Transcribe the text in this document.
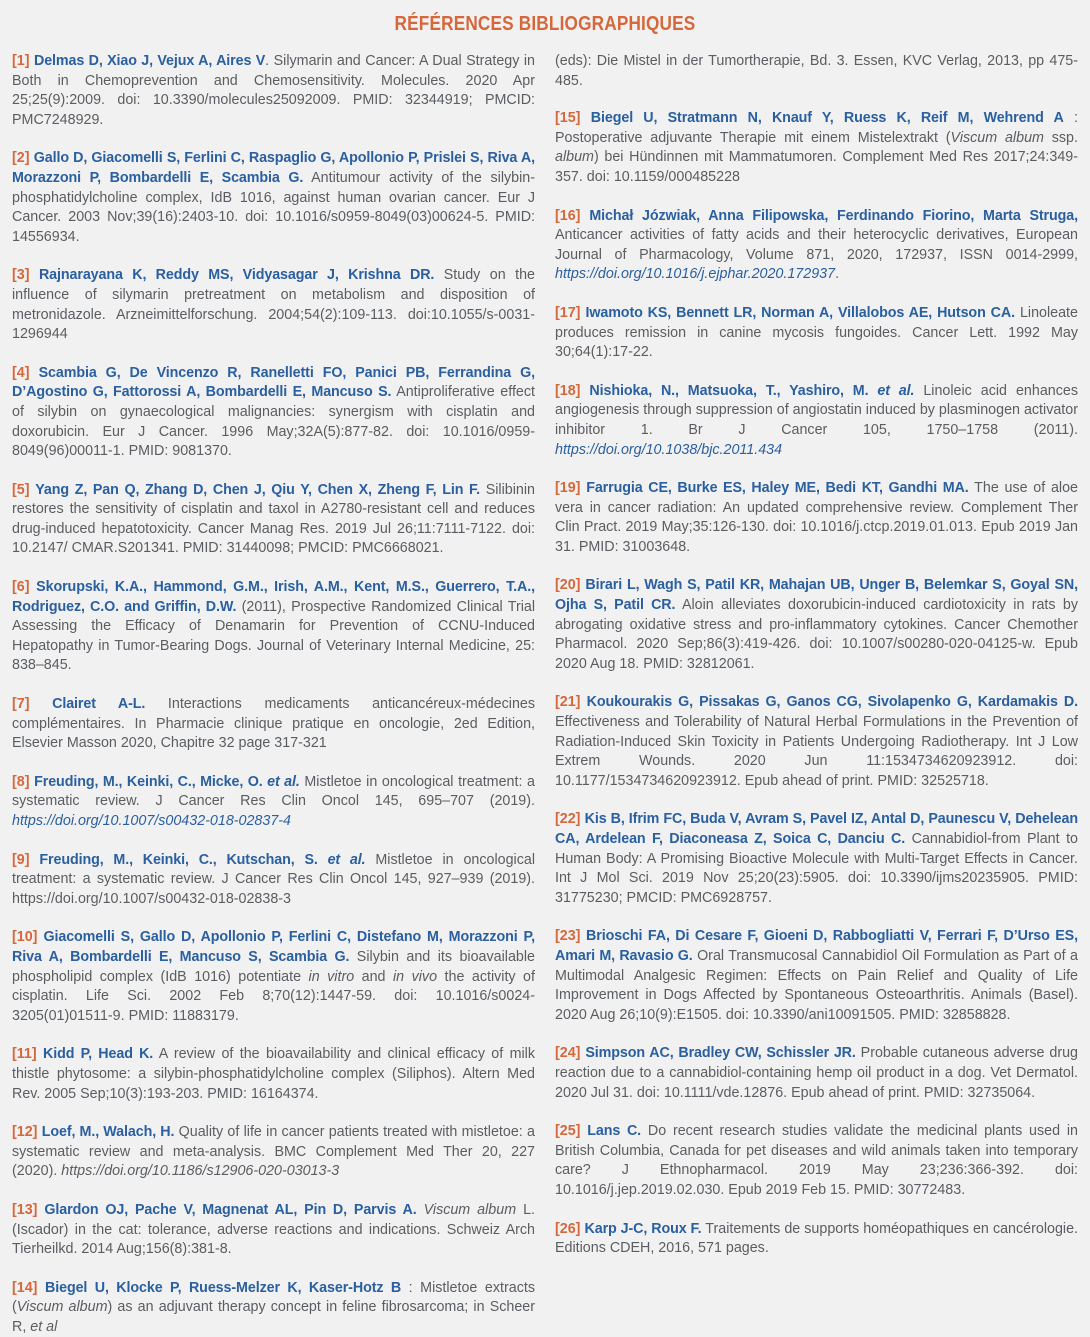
RÉFÉRENCES BIBLIOGRAPHIQUES

[1] Delmas D, Xiao J, Vejux A, Aires V. Silymarin and Cancer: A Dual Strategy in Both in Chemoprevention and Chemosensitivity. Molecules. 2020 Apr 25;25(9):2009. doi: 10.3390/molecules25092009. PMID: 32344919; PMCID: PMC7248929.

[2] Gallo D, Giacomelli S, Ferlini C, Raspaglio G, Apollonio P, Prislei S, Riva A, Morazzoni P, Bombardelli E, Scambia G. Antitumour activity of the silybin-phosphatidylcholine complex, IdB 1016, against human ovarian cancer. Eur J Cancer. 2003 Nov;39(16):2403-10. doi: 10.1016/s0959-8049(03)00624-5. PMID: 14556934.

[3] Rajnarayana K, Reddy MS, Vidyasagar J, Krishna DR. Study on the influence of silymarin pretreatment on metabolism and disposition of metronidazole. Arzneimittelforschung. 2004;54(2):109-113. doi:10.1055/s-0031-1296944

[4] Scambia G, De Vincenzo R, Ranelletti FO, Panici PB, Ferrandina G, D’Agostino G, Fattorossi A, Bombardelli E, Mancuso S. Antiproliferative effect of silybin on gynaecological malignancies: synergism with cisplatin and doxorubicin. Eur J Cancer. 1996 May;32A(5):877-82. doi: 10.1016/0959-8049(96)00011-1. PMID: 9081370.

[5] Yang Z, Pan Q, Zhang D, Chen J, Qiu Y, Chen X, Zheng F, Lin F. Silibinin restores the sensitivity of cisplatin and taxol in A2780-resistant cell and reduces drug-induced hepatotoxicity. Cancer Manag Res. 2019 Jul 26;11:7111-7122. doi: 10.2147/ CMAR.S201341. PMID: 31440098; PMCID: PMC6668021.

[6] Skorupski, K.A., Hammond, G.M., Irish, A.M., Kent, M.S., Guerrero, T.A., Rodriguez, C.O. and Griffin, D.W. (2011), Prospective Randomized Clinical Trial Assessing the Efficacy of Denamarin for Prevention of CCNU-Induced Hepatopathy in Tumor-Bearing Dogs. Journal of Veterinary Internal Medicine, 25: 838–845.

[7] Clairet A-L. Interactions medicaments anticancéreux-médecines complémentaires. In Pharmacie clinique pratique en oncologie, 2ed Edition, Elsevier Masson 2020, Chapitre 32 page 317-321

[8] Freuding, M., Keinki, C., Micke, O. et al. Mistletoe in oncological treatment: a systematic review. J Cancer Res Clin Oncol 145, 695–707 (2019). https://doi.org/10.1007/s00432-018-02837-4

[9] Freuding, M., Keinki, C., Kutschan, S. et al. Mistletoe in oncological treatment: a systematic review. J Cancer Res Clin Oncol 145, 927–939 (2019). https://doi.org/10.1007/s00432-018-02838-3

[10] Giacomelli S, Gallo D, Apollonio P, Ferlini C, Distefano M, Morazzoni P, Riva A, Bombardelli E, Mancuso S, Scambia G. Silybin and its bioavailable phospholipid complex (IdB 1016) potentiate in vitro and in vivo the activity of cisplatin. Life Sci. 2002 Feb 8;70(12):1447-59. doi: 10.1016/s0024-3205(01)01511-9. PMID: 11883179.

[11] Kidd P, Head K. A review of the bioavailability and clinical efficacy of milk thistle phytosome: a silybin-phosphatidylcholine complex (Siliphos). Altern Med Rev. 2005 Sep;10(3):193-203. PMID: 16164374.

[12] Loef, M., Walach, H. Quality of life in cancer patients treated with mistletoe: a systematic review and meta-analysis. BMC Complement Med Ther 20, 227 (2020). https://doi.org/10.1186/s12906-020-03013-3

[13] Glardon OJ, Pache V, Magnenat AL, Pin D, Parvis A. Viscum album L. (Iscador) in the cat: tolerance, adverse reactions and indications. Schweiz Arch Tierheilkd. 2014 Aug;156(8):381-8.

[14] Biegel U, Klocke P, Ruess-Melzer K, Kaser-Hotz B : Mistletoe extracts (Viscum album) as an adjuvant therapy concept in feline fibrosarcoma; in Scheer R, et al

(eds): Die Mistel in der Tumortherapie, Bd. 3. Essen, KVC Verlag, 2013, pp 475-485.

[15] Biegel U, Stratmann N, Knauf Y, Ruess K, Reif M, Wehrend A : Postoperative adjuvante Therapie mit einem Mistelextrakt (Viscum album ssp. album) bei Hündinnen mit Mammatumoren. Complement Med Res 2017;24:349-357. doi: 10.1159/000485228

[16] Michał Józwiak, Anna Filipowska, Ferdinando Fiorino, Marta Struga, Anticancer activities of fatty acids and their heterocyclic derivatives, European Journal of Pharmacology, Volume 871, 2020, 172937, ISSN 0014-2999, https://doi.org/10.1016/j.ejphar.2020.172937.

[17] Iwamoto KS, Bennett LR, Norman A, Villalobos AE, Hutson CA. Linoleate produces remission in canine mycosis fungoides. Cancer Lett. 1992 May 30;64(1):17-22.

[18] Nishioka, N., Matsuoka, T., Yashiro, M. et al. Linoleic acid enhances angiogenesis through suppression of angiostatin induced by plasminogen activator inhibitor 1. Br J Cancer 105, 1750–1758 (2011). https://doi.org/10.1038/bjc.2011.434

[19] Farrugia CE, Burke ES, Haley ME, Bedi KT, Gandhi MA. The use of aloe vera in cancer radiation: An updated comprehensive review. Complement Ther Clin Pract. 2019 May;35:126-130. doi: 10.1016/j.ctcp.2019.01.013. Epub 2019 Jan 31. PMID: 31003648.

[20] Birari L, Wagh S, Patil KR, Mahajan UB, Unger B, Belemkar S, Goyal SN, Ojha S, Patil CR. Aloin alleviates doxorubicin-induced cardiotoxicity in rats by abrogating oxidative stress and pro-inflammatory cytokines. Cancer Chemother Pharmacol. 2020 Sep;86(3):419-426. doi: 10.1007/s00280-020-04125-w. Epub 2020 Aug 18. PMID: 32812061.

[21] Koukourakis G, Pissakas G, Ganos CG, Sivolapenko G, Kardamakis D. Effectiveness and Tolerability of Natural Herbal Formulations in the Prevention of Radiation-Induced Skin Toxicity in Patients Undergoing Radiotherapy. Int J Low Extrem Wounds. 2020 Jun 11:1534734620923912. doi: 10.1177/1534734620923912. Epub ahead of print. PMID: 32525718.

[22] Kis B, Ifrim FC, Buda V, Avram S, Pavel IZ, Antal D, Paunescu V, Dehelean CA, Ardelean F, Diaconeasa Z, Soica C, Danciu C. Cannabidiol-from Plant to Human Body: A Promising Bioactive Molecule with Multi-Target Effects in Cancer. Int J Mol Sci. 2019 Nov 25;20(23):5905. doi: 10.3390/ijms20235905. PMID: 31775230; PMCID: PMC6928757.

[23] Brioschi FA, Di Cesare F, Gioeni D, Rabbogliatti V, Ferrari F, D’Urso ES, Amari M, Ravasio G. Oral Transmucosal Cannabidiol Oil Formulation as Part of a Multimodal Analgesic Regimen: Effects on Pain Relief and Quality of Life Improvement in Dogs Affected by Spontaneous Osteoarthritis. Animals (Basel). 2020 Aug 26;10(9):E1505. doi: 10.3390/ani10091505. PMID: 32858828.

[24] Simpson AC, Bradley CW, Schissler JR. Probable cutaneous adverse drug reaction due to a cannabidiol-containing hemp oil product in a dog. Vet Dermatol. 2020 Jul 31. doi: 10.1111/vde.12876. Epub ahead of print. PMID: 32735064.

[25] Lans C. Do recent research studies validate the medicinal plants used in British Columbia, Canada for pet diseases and wild animals taken into temporary care? J Ethnopharmacol. 2019 May 23;236:366-392. doi: 10.1016/j.jep.2019.02.030. Epub 2019 Feb 15. PMID: 30772483.

[26] Karp J-C, Roux F. Traitements de supports homéopathiques en cancérologie. Editions CDEH, 2016, 571 pages.
